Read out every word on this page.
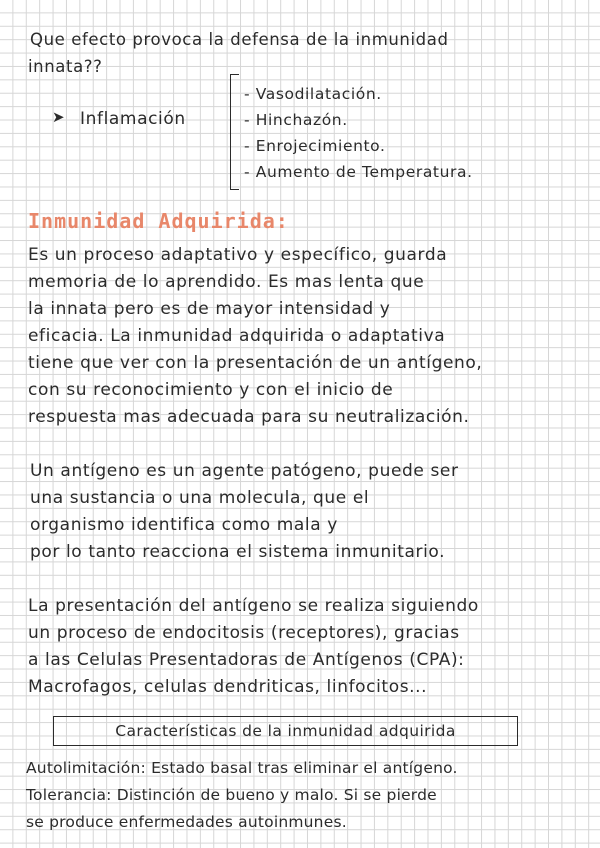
Que efecto provoca la defensa de la inmunidad
innata??
➤ Inflamación
- Vasodilatación.
- Hinchazón.
- Enrojecimiento.
- Aumento de Temperatura.
Inmunidad Adquirida:
Es un proceso adaptativo y específico, guarda
memoria de lo aprendido. Es mas lenta que
la innata pero es de mayor intensidad y
eficacia. La inmunidad adquirida o adaptativa
tiene que ver con la presentación de un antígeno,
con su reconocimiento y con el inicio de
respuesta mas adecuada para su neutralización.
Un antígeno es un agente patógeno, puede ser
una sustancia o una molecula, que el
organismo identifica como mala y
por lo tanto reacciona el sistema inmunitario.
La presentación del antígeno se realiza siguiendo
un proceso de endocitosis (receptores), gracias
a las Celulas Presentadoras de Antígenos (CPA):
Macrofagos, celulas dendriticas, linfocitos...
Características de la inmunidad adquirida
Autolimitación: Estado basal tras eliminar el antígeno.
Tolerancia: Distinción de bueno y malo. Si se pierde
se produce enfermedades autoinmunes.
